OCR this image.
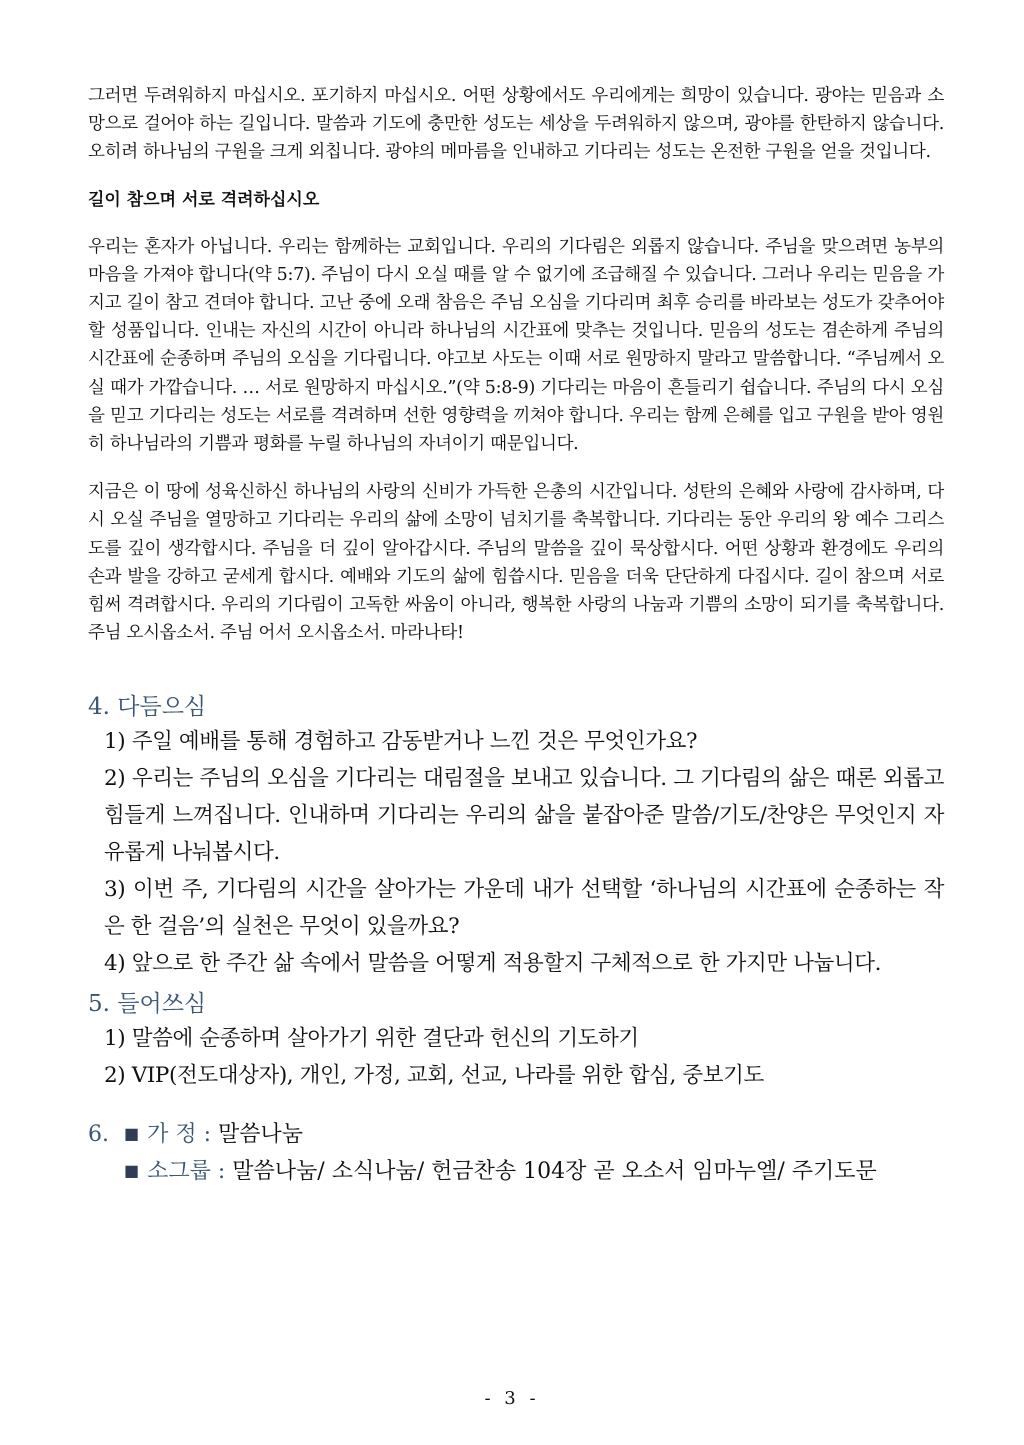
그러면 두려워하지 마십시오. 포기하지 마십시오. 어떤 상황에서도 우리에게는 희망이 있습니다. 광야는 믿음과 소망으로 걸어야 하는 길입니다. 말씀과 기도에 충만한 성도는 세상을 두려워하지 않으며, 광야를 한탄하지 않습니다. 오히려 하나님의 구원을 크게 외칩니다. 광야의 메마름을 인내하고 기다리는 성도는 온전한 구원을 얻을 것입니다.

길이 참으며 서로 격려하십시오

우리는 혼자가 아닙니다. 우리는 함께하는 교회입니다. 우리의 기다림은 외롭지 않습니다. 주님을 맞으려면 농부의 마음을 가져야 합니다(약 5:7). 주님이 다시 오실 때를 알 수 없기에 조급해질 수 있습니다. 그러나 우리는 믿음을 가지고 길이 참고 견뎌야 합니다. 고난 중에 오래 참음은 주님 오심을 기다리며 최후 승리를 바라보는 성도가 갖추어야 할 성품입니다. 인내는 자신의 시간이 아니라 하나님의 시간표에 맞추는 것입니다. 믿음의 성도는 겸손하게 주님의 시간표에 순종하며 주님의 오심을 기다립니다. 야고보 사도는 이때 서로 원망하지 말라고 말씀합니다. “주님께서 오실 때가 가깝습니다. … 서로 원망하지 마십시오.”(약 5:8-9) 기다리는 마음이 흔들리기 쉽습니다. 주님의 다시 오심을 믿고 기다리는 성도는 서로를 격려하며 선한 영향력을 끼쳐야 합니다. 우리는 함께 은혜를 입고 구원을 받아 영원히 하나님라의 기쁨과 평화를 누릴 하나님의 자녀이기 때문입니다.

지금은 이 땅에 성육신하신 하나님의 사랑의 신비가 가득한 은총의 시간입니다. 성탄의 은혜와 사랑에 감사하며, 다시 오실 주님을 열망하고 기다리는 우리의 삶에 소망이 넘치기를 축복합니다. 기다리는 동안 우리의 왕 예수 그리스도를 깊이 생각합시다. 주님을 더 깊이 알아갑시다. 주님의 말씀을 깊이 묵상합시다. 어떤 상황과 환경에도 우리의 손과 발을 강하고 굳세게 합시다. 예배와 기도의 삶에 힘씁시다. 믿음을 더욱 단단하게 다집시다. 길이 참으며 서로 힘써 격려합시다. 우리의 기다림이 고독한 싸움이 아니라, 행복한 사랑의 나눔과 기쁨의 소망이 되기를 축복합니다. 주님 오시옵소서. 주님 어서 오시옵소서. 마라나타!

4. 다듬으심

1) 주일 예배를 통해 경험하고 감동받거나 느낀 것은 무엇인가요?

2) 우리는 주님의 오심을 기다리는 대림절을 보내고 있습니다. 그 기다림의 삶은 때론 외롭고 힘들게 느껴집니다. 인내하며 기다리는 우리의 삶을 붙잡아준 말씀/기도/찬양은 무엇인지 자유롭게 나눠봅시다.

3) 이번 주, 기다림의 시간을 살아가는 가운데 내가 선택할 ‘하나님의 시간표에 순종하는 작은 한 걸음’의 실천은 무엇이 있을까요?

4) 앞으로 한 주간 삶 속에서 말씀을 어떻게 적용할지 구체적으로 한 가지만 나눕니다.

5. 들어쓰심

1) 말씀에 순종하며 살아가기 위한 결단과 헌신의 기도하기

2) VIP(전도대상자), 개인, 가정, 교회, 선교, 나라를 위한 합심, 중보기도

6. ■ 가 정 : 말씀나눔

■ 소그룹 : 말씀나눔/ 소식나눔/ 헌금찬송 104장 곧 오소서 임마누엘/ 주기도문

- 3 -
